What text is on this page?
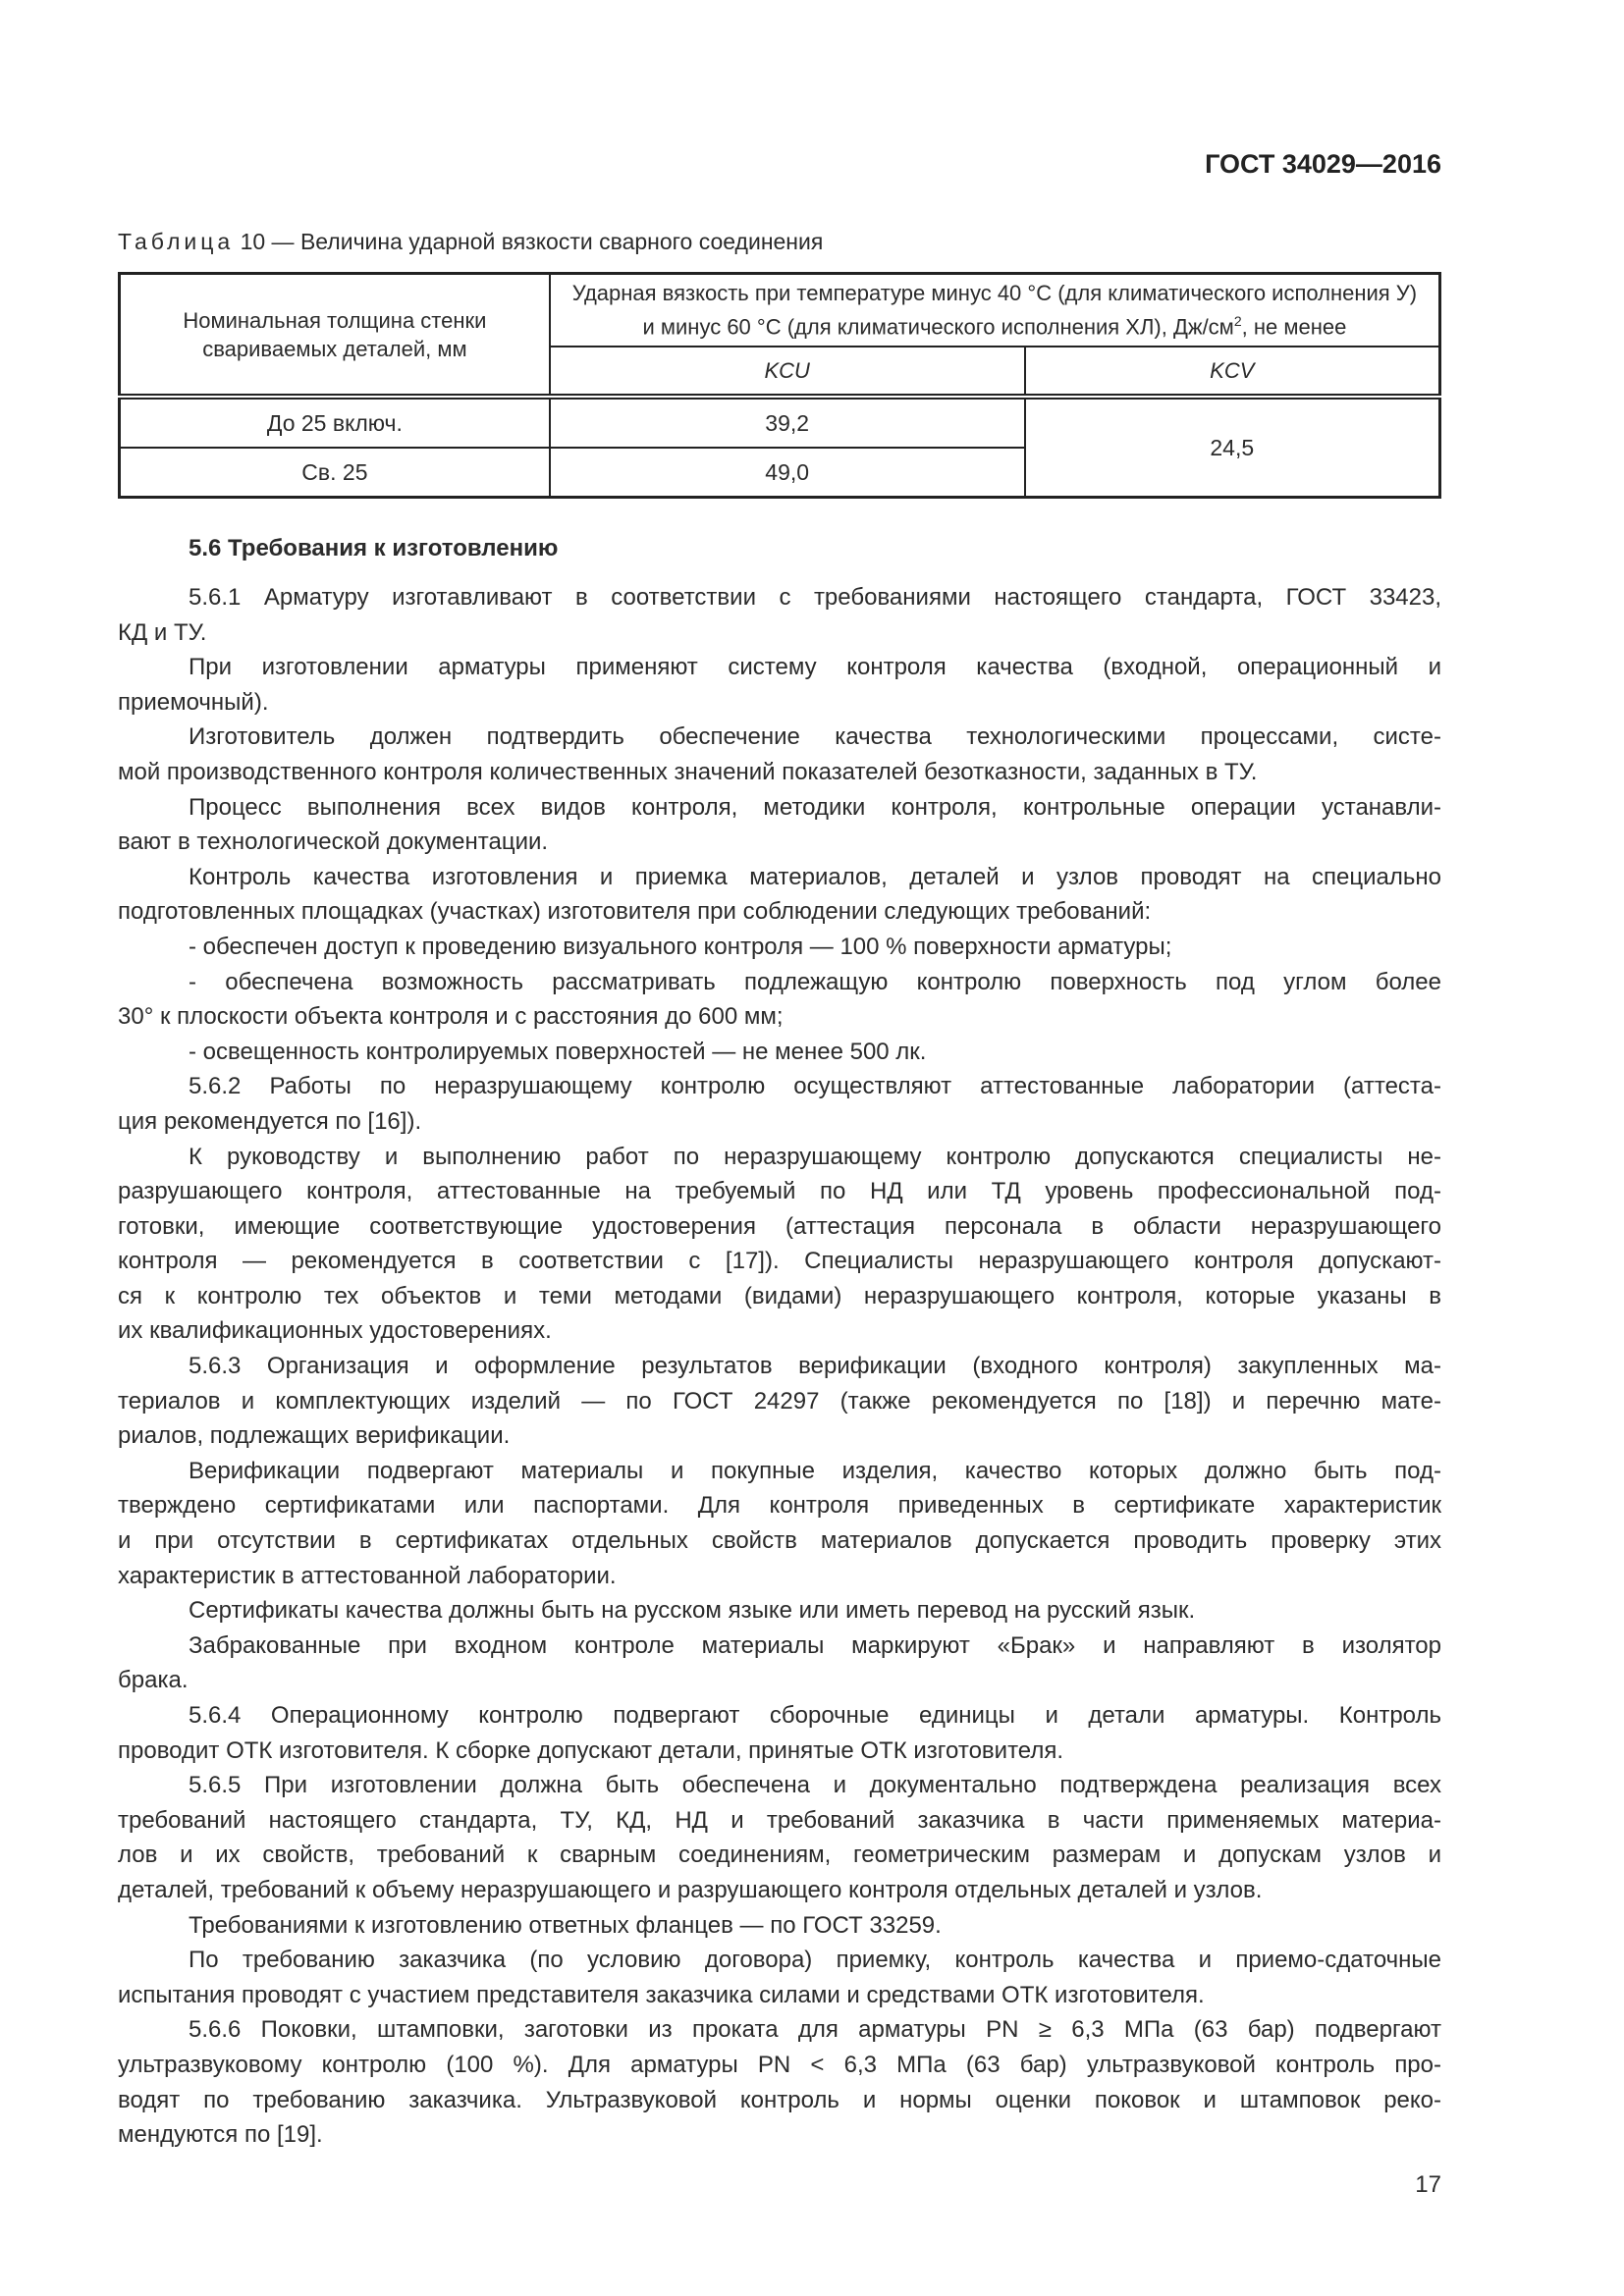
ГОСТ 34029—2016
Таблица 10 — Величина ударной вязкости сварного соединения
Номинальная толщина стенки свариваемых деталей, мм	Ударная вязкость при температуре минус 40 °C (для климатического исполнения У)
и минус 60 °C (для климатического исполнения ХЛ), $Дж/см^2$, не менее	

	KCU	KCV
До 25 включ.	39,2	24,5
Св. 25	49,0	
5.6 Требования к изготовлению
5.6.1 Арматуру изготавливают в соответствии с требованиями настоящего стандарта, ГОСТ 33423,
КД и ТУ.
При изготовлении арматуры применяют систему контроля качества (входной, операционный и
приемочный).
Изготовитель должен подтвердить обеспечение качества технологическими процессами, систе-
мой производственного контроля количественных значений показателей безотказности, заданных в ТУ.
Процесс выполнения всех видов контроля, методики контроля, контрольные операции устанавли-
вают в технологической документации.
Контроль качества изготовления и приемка материалов, деталей и узлов проводят на специально
подготовленных площадках (участках) изготовителя при соблюдении следующих требований:
- обеспечен доступ к проведению визуального контроля — 100 % поверхности арматуры;
- обеспечена возможность рассматривать подлежащую контролю поверхность под углом более
30° к плоскости объекта контроля и с расстояния до 600 мм;
- освещенность контролируемых поверхностей — не менее 500 лк.
5.6.2 Работы по неразрушающему контролю осуществляют аттестованные лаборатории (аттеста-
ция рекомендуется по [16]).
К руководству и выполнению работ по неразрушающему контролю допускаются специалисты не-
разрушающего контроля, аттестованные на требуемый по НД или ТД уровень профессиональной под-
готовки, имеющие соответствующие удостоверения (аттестация персонала в области неразрушающего
контроля — рекомендуется в соответствии с [17]). Специалисты неразрушающего контроля допускают-
ся к контролю тех объектов и теми методами (видами) неразрушающего контроля, которые указаны в
их квалификационных удостоверениях.
5.6.3 Организация и оформление результатов верификации (входного контроля) закупленных ма-
териалов и комплектующих изделий — по ГОСТ 24297 (также рекомендуется по [18]) и перечню мате-
риалов, подлежащих верификации.
Верификации подвергают материалы и покупные изделия, качество которых должно быть под-
тверждено сертификатами или паспортами. Для контроля приведенных в сертификате характеристик
и при отсутствии в сертификатах отдельных свойств материалов допускается проводить проверку этих
характеристик в аттестованной лаборатории.
Сертификаты качества должны быть на русском языке или иметь перевод на русский язык.
Забракованные при входном контроле материалы маркируют «Брак» и направляют в изолятор
брака.
5.6.4 Операционному контролю подвергают сборочные единицы и детали арматуры. Контроль
проводит ОТК изготовителя. К сборке допускают детали, принятые ОТК изготовителя.
5.6.5 При изготовлении должна быть обеспечена и документально подтверждена реализация всех
требований настоящего стандарта, ТУ, КД, НД и требований заказчика в части применяемых материа-
лов и их свойств, требований к сварным соединениям, геометрическим размерам и допускам узлов и
деталей, требований к объему неразрушающего и разрушающего контроля отдельных деталей и узлов.
Требованиями к изготовлению ответных фланцев — по ГОСТ 33259.
По требованию заказчика (по условию договора) приемку, контроль качества и приемо-сдаточные
испытания проводят с участием представителя заказчика силами и средствами ОТК изготовителя.
5.6.6 Поковки, штамповки, заготовки из проката для арматуры PN ≥ 6,3 МПа (63 бар) подвергают
ультразвуковому контролю (100 %). Для арматуры PN < 6,3 МПа (63 бар) ультразвуковой контроль про-
водят по требованию заказчика. Ультразвуковой контроль и нормы оценки поковок и штамповок реко-
мендуются по [19].
17
